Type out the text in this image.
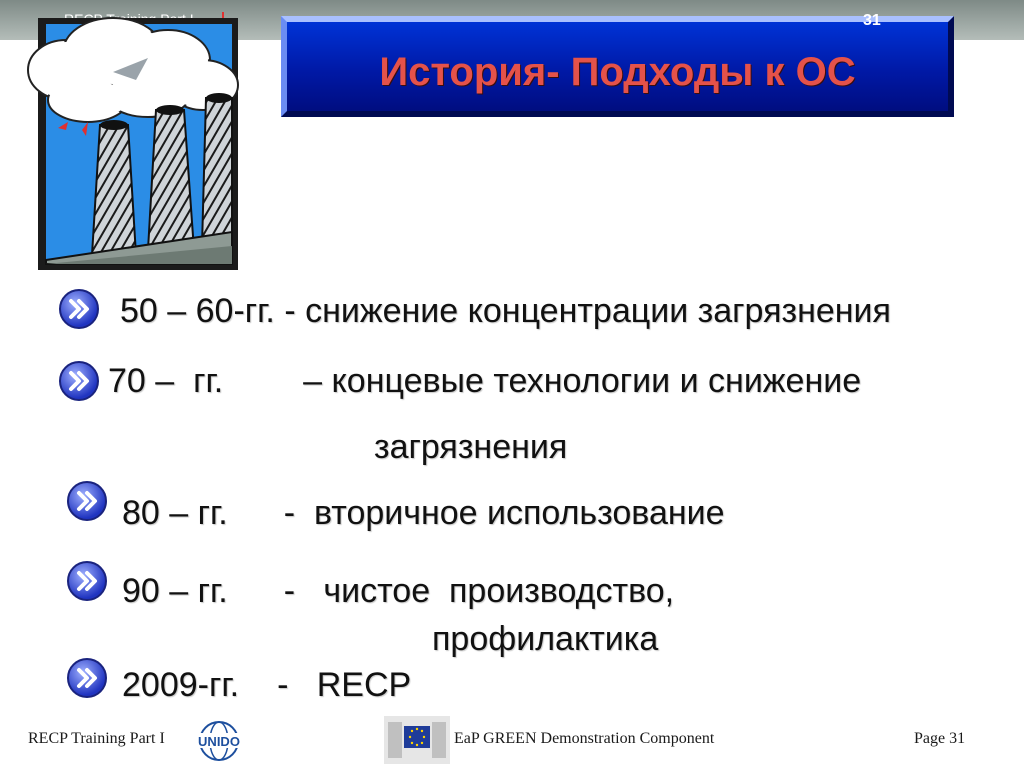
История- Подходы к ОС
31
50 – 60-гг. - снижение концентрации загрязнения
70 –  гг. – концевые технологии и снижение
загрязнения
80 – гг. - вторичное использование
90 – гг. - чистое  производство,
профилактика
2009-гг. - RECP
RECP Training Part I	UNIDO	EaP GREEN Demonstration Component	Page 31
